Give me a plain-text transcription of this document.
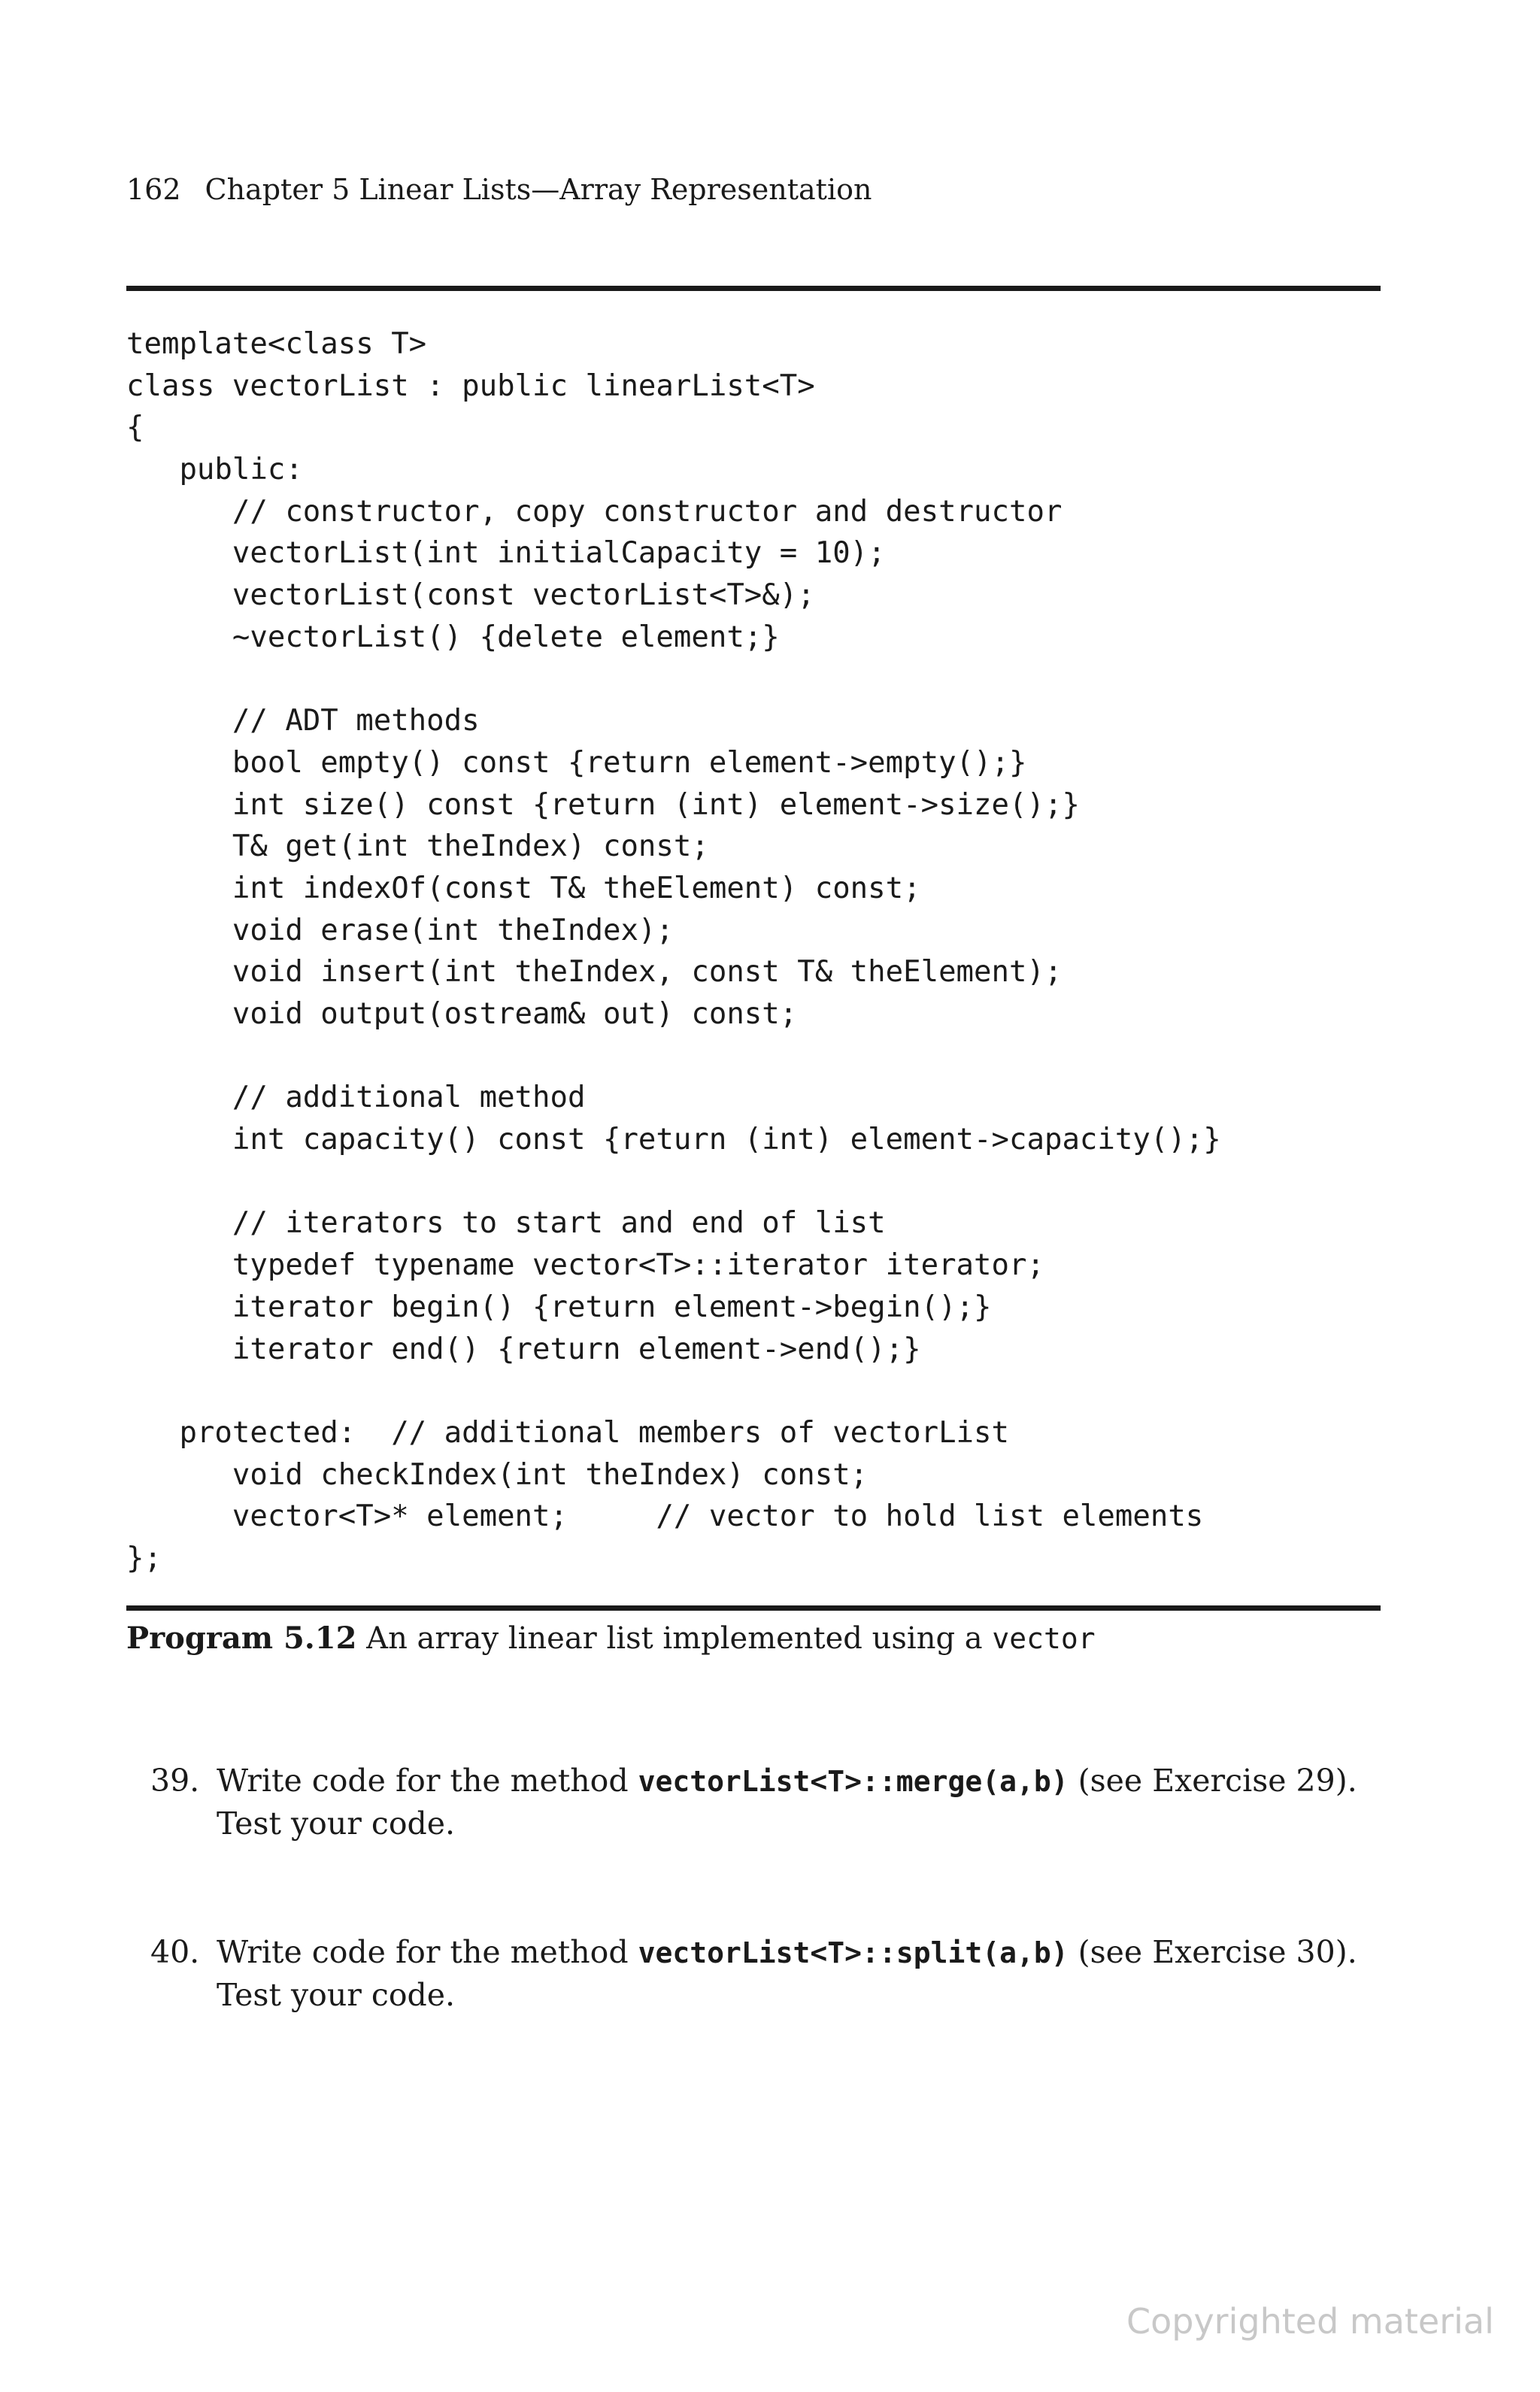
162 Chapter 5 Linear Lists—Array Representation
template<class T>
class vectorList : public linearList<T>
{
public:
// constructor, copy constructor and destructor
vectorList(int initialCapacity = 10);
vectorList(const vectorList<T>&);
~vectorList() {delete element;}

// ADT methods
bool empty() const {return element->empty();}
int size() const {return (int) element->size();}
T& get(int theIndex) const;
int indexOf(const T& theElement) const;
void erase(int theIndex);
void insert(int theIndex, const T& theElement);
void output(ostream& out) const;

// additional method
int capacity() const {return (int) element->capacity();}

// iterators to start and end of list
typedef typename vector<T>::iterator iterator;
iterator begin() {return element->begin();}
iterator end() {return element->end();}

protected:  // additional members of vectorList
void checkIndex(int theIndex) const;
vector<T>* element;     // vector to hold list elements
};
Program 5.12 An array linear list implemented using a vector
39. Write code for the method vectorList<T>::merge(a,b) (see Exercise 29).
Test your code.
40. Write code for the method vectorList<T>::split(a,b) (see Exercise 30).
Test your code.
Copyrighted material
